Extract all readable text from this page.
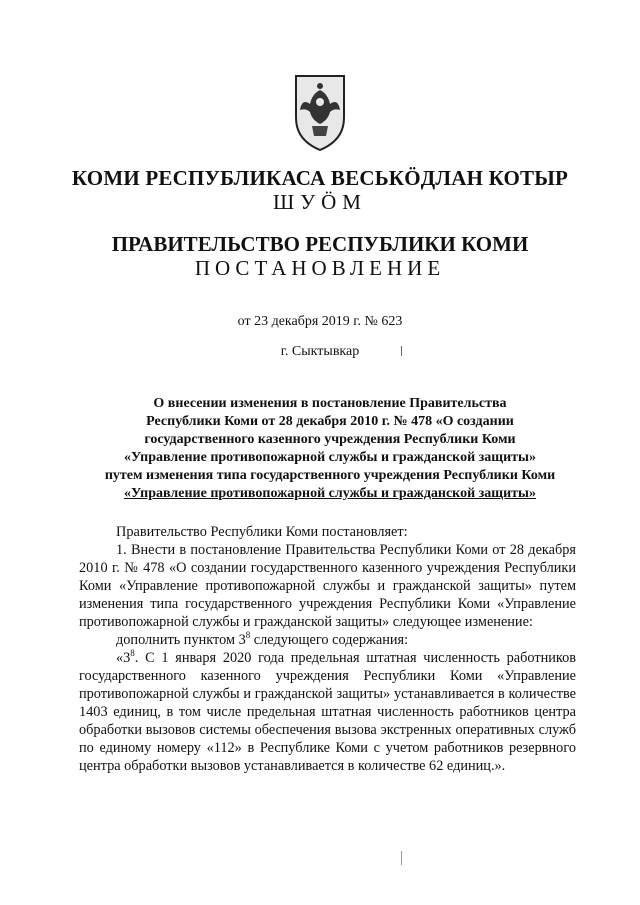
КОМИ РЕСПУБЛИКАСА ВЕСЬКӦДЛАН КОТЫР
ШУӦМ
ПРАВИТЕЛЬСТВО РЕСПУБЛИКИ КОМИ
ПОСТАНОВЛЕНИЕ
от 23 декабря 2019 г. № 623
г. Сыктывкар
О внесении изменения в постановление Правительства
Республики Коми от 28 декабря 2010 г. № 478 «О создании
государственного казенного учреждения Республики Коми
«Управление противопожарной службы и гражданской защиты»
путем изменения типа государственного учреждения Республики Коми
«Управление противопожарной службы и гражданской защиты»

Правительство Республики Коми постановляет:

1. Внести в постановление Правительства Республики Коми от 28 декабря 2010 г. № 478 «О создании государственного казенного учреждения Республики Коми «Управление противопожарной службы и гражданской защиты» путем изменения типа государственного учреждения Республики Коми «Управление противопожарной службы и гражданской защиты» следующее изменение:

дополнить пунктом $3^8$ следующего содержания:

«$3^8$. С 1 января 2020 года предельная штатная численность работников государственного казенного учреждения Республики Коми «Управление противопожарной службы и гражданской защиты» устанавливается в количестве 1403 единиц, в том числе предельная штатная численность работников центра обработки вызовов системы обеспечения вызова экстренных оперативных служб по единому номеру «112» в Республике Коми с учетом работников резервного центра обработки вызовов устанавливается в количестве 62 единиц.».
